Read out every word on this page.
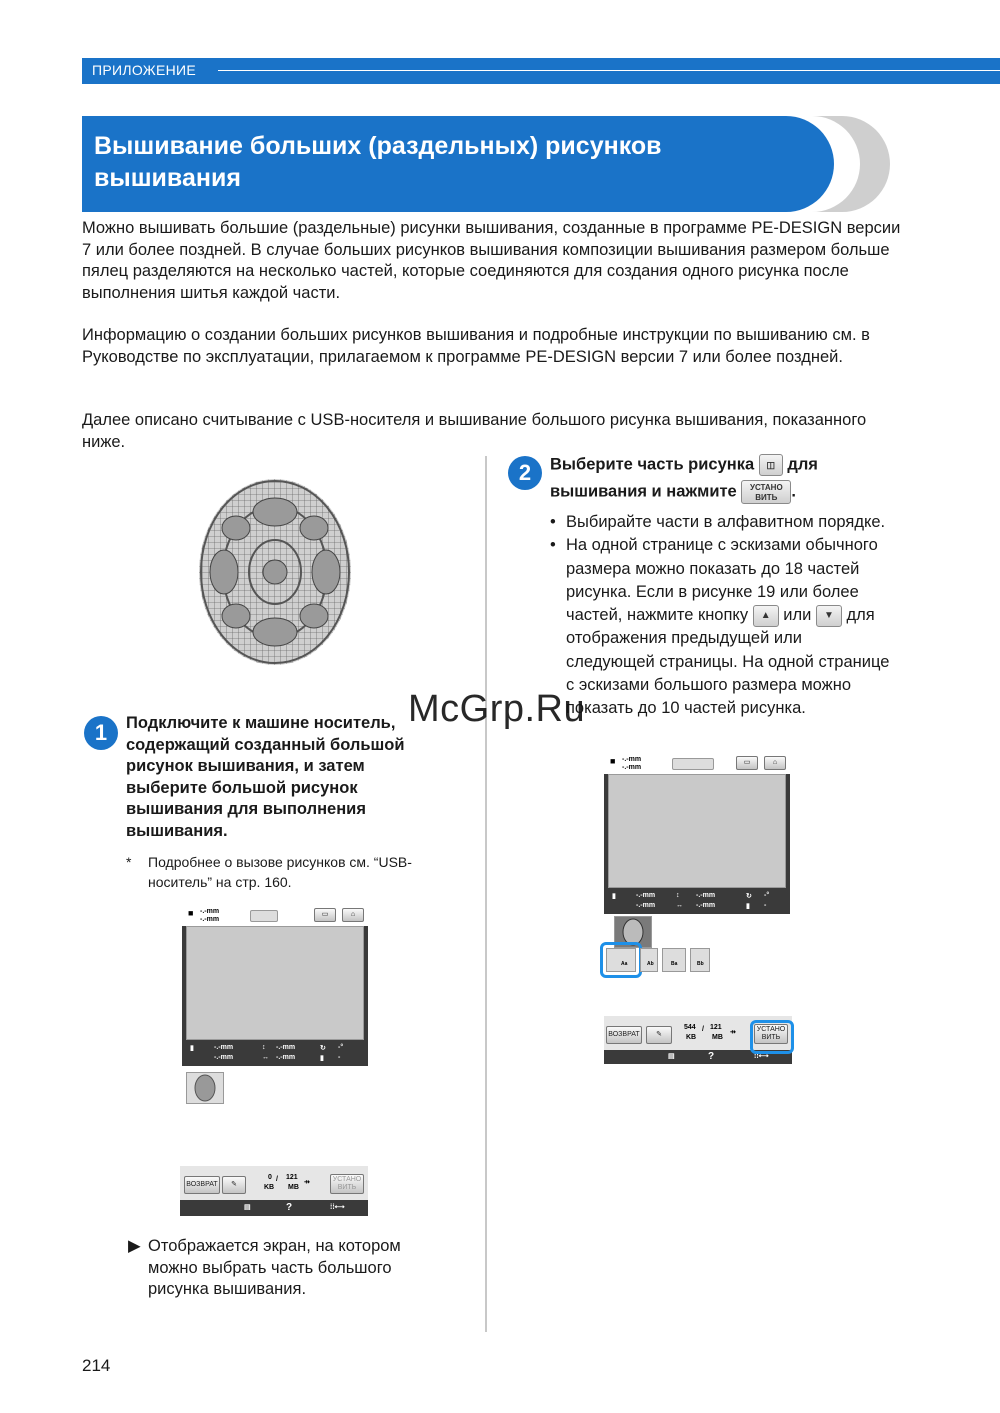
ПРИЛОЖЕНИЕ
Вышивание больших (раздельных) рисунков
вышивания
Можно вышивать большие (раздельные) рисунки вышивания, созданные в программе PE-DESIGN версии 7 или более поздней. В случае больших рисунков вышивания композиции вышивания размером больше пялец разделяются на несколько частей, которые соединяются для создания одного рисунка после выполнения шитья каждой части.
Информацию о создании больших рисунков вышивания и подробные инструкции по вышиванию см. в Руководстве по эксплуатации, прилагаемом к программе PE-DESIGN версии 7 или более поздней.
Далее описано считывание с USB-носителя и вышивание большого рисунка вышивания, показанного ниже.
1	Подключите к машине носитель, содержащий созданный большой рисунок вышивания, и затем выберите большой рисунок вышивания для выполнения вышивания.
* Подробнее о вызове рисунков см. “USB-носитель” на стр. 160.
■ -.-mm
-.-mm
▭	⌂
▮	-.-mm
-.-mm
↕
↔
-.-mm
-.-mm
↻
▮
-°
-
ВОЗВРАТ	✎
0
KB
/ 121
MB
⇸	УСТАНО ВИТЬ
▤	?	⁞⁞⟷
▶ Отображается экран, на котором можно выбрать часть большого рисунка вышивания.
2	Выберите часть рисунка ◫ для
вышивания и нажмите УСТАНО ВИТЬ .
• Выбирайте части в алфавитном порядке.
• На одной странице с эскизами обычного размера можно показать до 18 частей рисунка. Если в рисунке 19 или более частей, нажмите кнопку ▲ или ▼ для отображения предыдущей или следующей страницы. На одной странице с эскизами большого размера можно показать до 10 частей рисунка.
■ -.-mm
-.-mm
▭	⌂
▮	-.-mm
-.-mm
↕
↔
-.-mm
-.-mm
↻
▮
-°
-
Aa	Ab	Ba	Bb
ВОЗВРАТ	✎
544
KB
/ 121
MB
⇸	УСТАНО ВИТЬ
▤	?	⁞⁞⟷
McGrp.Ru
214
